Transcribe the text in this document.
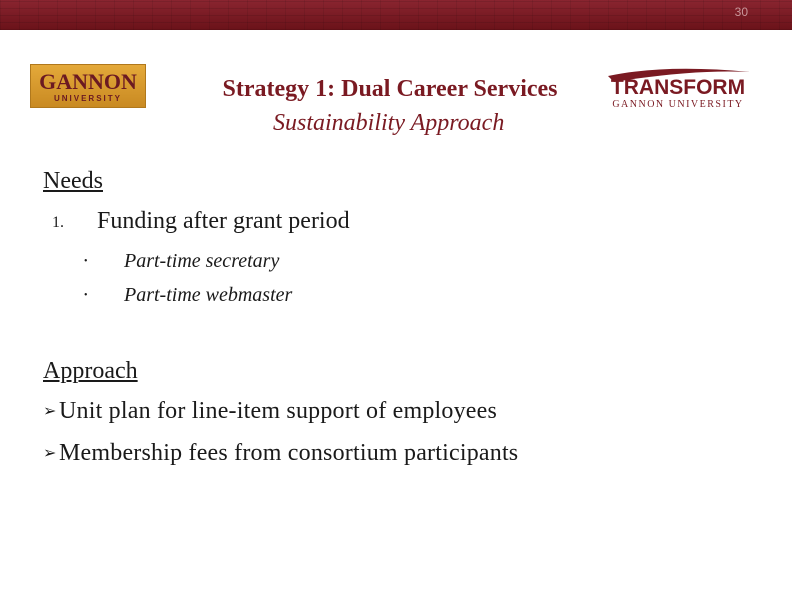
30
GANNON
UNIVERSITY	Strategy 1: Dual Career Services
Sustainability Approach
TRANSFORM
GANNON UNIVERSITY
Needs
1. Funding after grant period
• Part-time secretary
• Part-time webmaster
Approach
➢Unit plan for line-item support of employees
➢Membership fees from consortium participants
